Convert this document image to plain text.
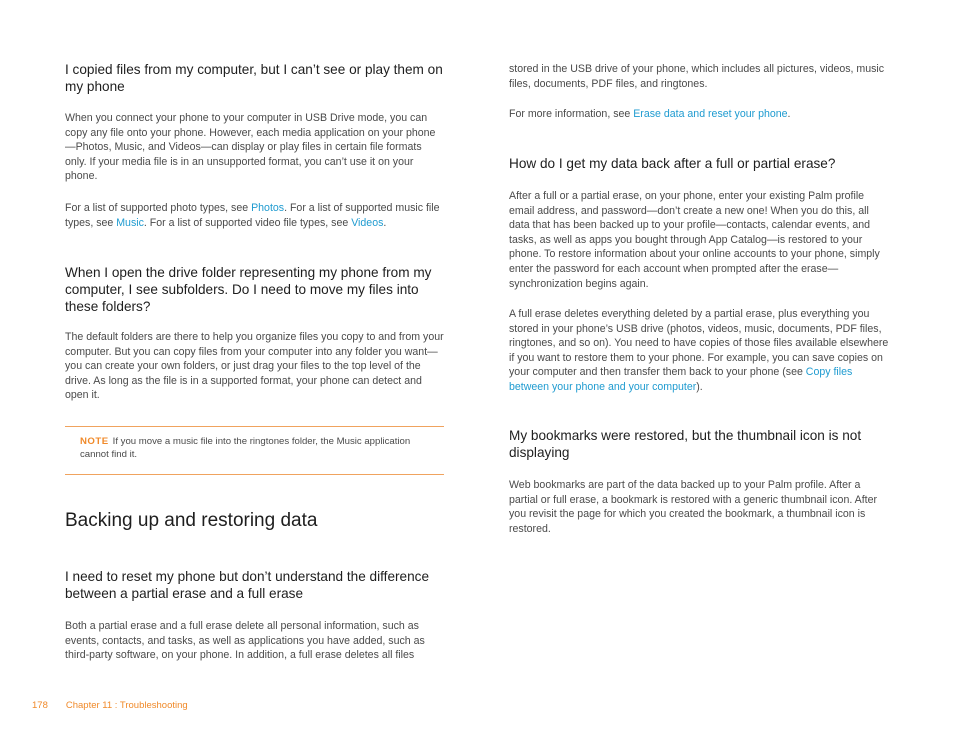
I copied files from my computer, but I can’t see or play them on my phone

When you connect your phone to your computer in USB Drive mode, you can copy any file onto your phone. However, each media application on your phone—Photos, Music, and Videos—can display or play files in certain file formats only. If your media file is in an unsupported format, you can’t use it on your phone.

For a list of supported photo types, see Photos. For a list of supported music file types, see Music. For a list of supported video file types, see Videos.

When I open the drive folder representing my phone from my computer, I see subfolders. Do I need to move my files into these folders?

The default folders are there to help you organize files you copy to and from your computer. But you can copy files from your computer into any folder you want—you can create your own folders, or just drag your files to the top level of the drive. As long as the file is in a supported format, your phone can detect and open it.

NOTE If you move a music file into the ringtones folder, the Music application cannot find it.

Backing up and restoring data
I need to reset my phone but don’t understand the difference between a partial erase and a full erase

Both a partial erase and a full erase delete all personal information, such as events, contacts, and tasks, as well as applications you have added, such as third-party software, on your phone. In addition, a full erase deletes all files

stored in the USB drive of your phone, which includes all pictures, videos, music files, documents, PDF files, and ringtones.

For more information, see Erase data and reset your phone.

How do I get my data back after a full or partial erase?

After a full or a partial erase, on your phone, enter your existing Palm profile email address, and password—don’t create a new one! When you do this, all data that has been backed up to your profile—contacts, calendar events, and tasks, as well as apps you bought through App Catalog—is restored to your phone. To restore information about your online accounts to your phone, simply enter the password for each account when prompted after the erase— synchronization begins again.

A full erase deletes everything deleted by a partial erase, plus everything you stored in your phone’s USB drive (photos, videos, music, documents, PDF files, ringtones, and so on). You need to have copies of those files available elsewhere if you want to restore them to your phone. For example, you can save copies on your computer and then transfer them back to your phone (see Copy files between your phone and your computer).

My bookmarks were restored, but the thumbnail icon is not displaying

Web bookmarks are part of the data backed up to your Palm profile. After a partial or full erase, a bookmark is restored with a generic thumbnail icon. After you revisit the page for which you created the bookmark, a thumbnail icon is restored.

178 Chapter 11 : Troubleshooting
